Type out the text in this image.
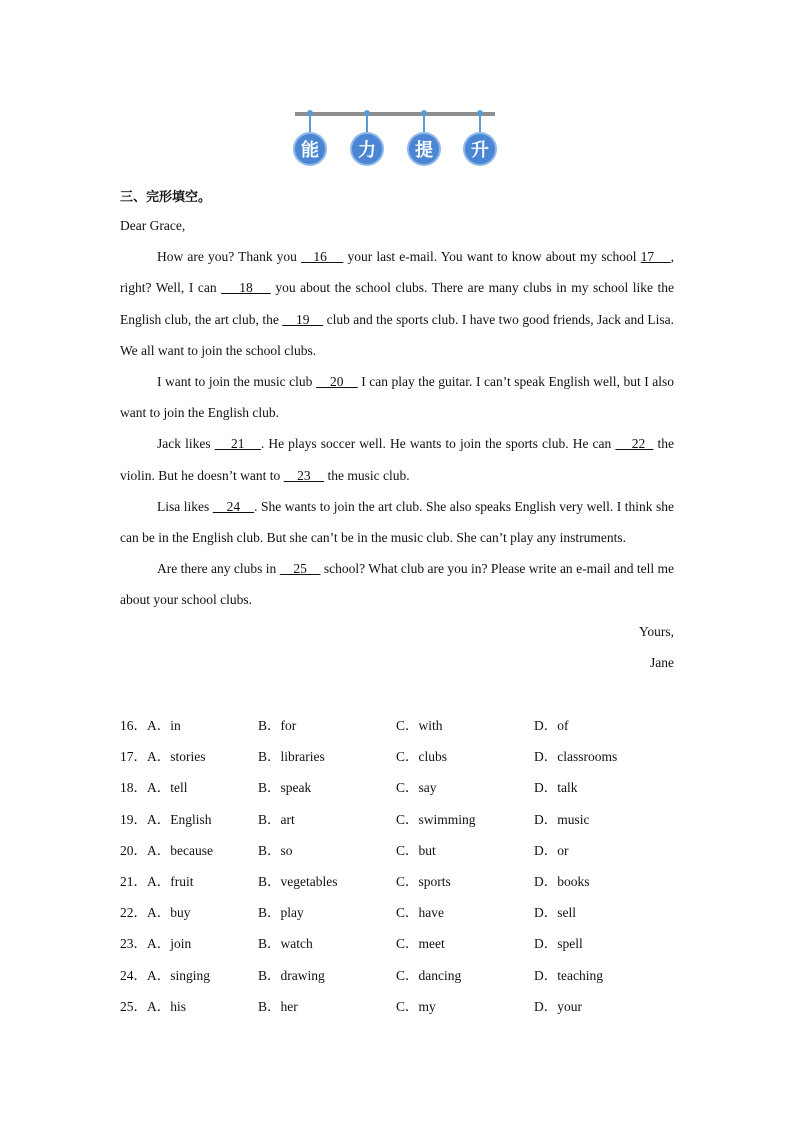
能	力	提	升
三、完形填空。

Dear Grace,

How are you? Thank you    16     your last e-mail. You want to know about my school 17    , right? Well, I can     18     you about the school clubs. There are many clubs in my school like the English club, the art club, the     19     club and the sports club. I have two good friends, Jack and Lisa. We all want to join the school clubs.

I want to join the music club     20     I can play the guitar. I can’t speak English well, but I also want to join the English club.

Jack likes     21    . He plays soccer well. He wants to join the sports club. He can     22   the violin. But he doesn’t want to     23     the music club.

Lisa likes     24    . She wants to join the art club. She also speaks English very well. I think she can be in the English club. But she can’t be in the music club. She can’t play any instruments.

Are there any clubs in     25     school? What club are you in? Please write an e-mail and tell me about your school clubs.

Yours,

Jane

16．A．in	B．for	C．with	D．of
17．A．stories	B．libraries	C．clubs	D．classrooms
18．A．tell	B．speak	C．say	D．talk
19．A．English	B．art	C．swimming	D．music
20．A．because	B．so	C．but	D．or
21．A．fruit	B．vegetables	C．sports	D．books
22．A．buy	B．play	C．have	D．sell
23．A．join	B．watch	C．meet	D．spell
24．A．singing	B．drawing	C．dancing	D．teaching
25．A．his	B．her	C．my	D．your
